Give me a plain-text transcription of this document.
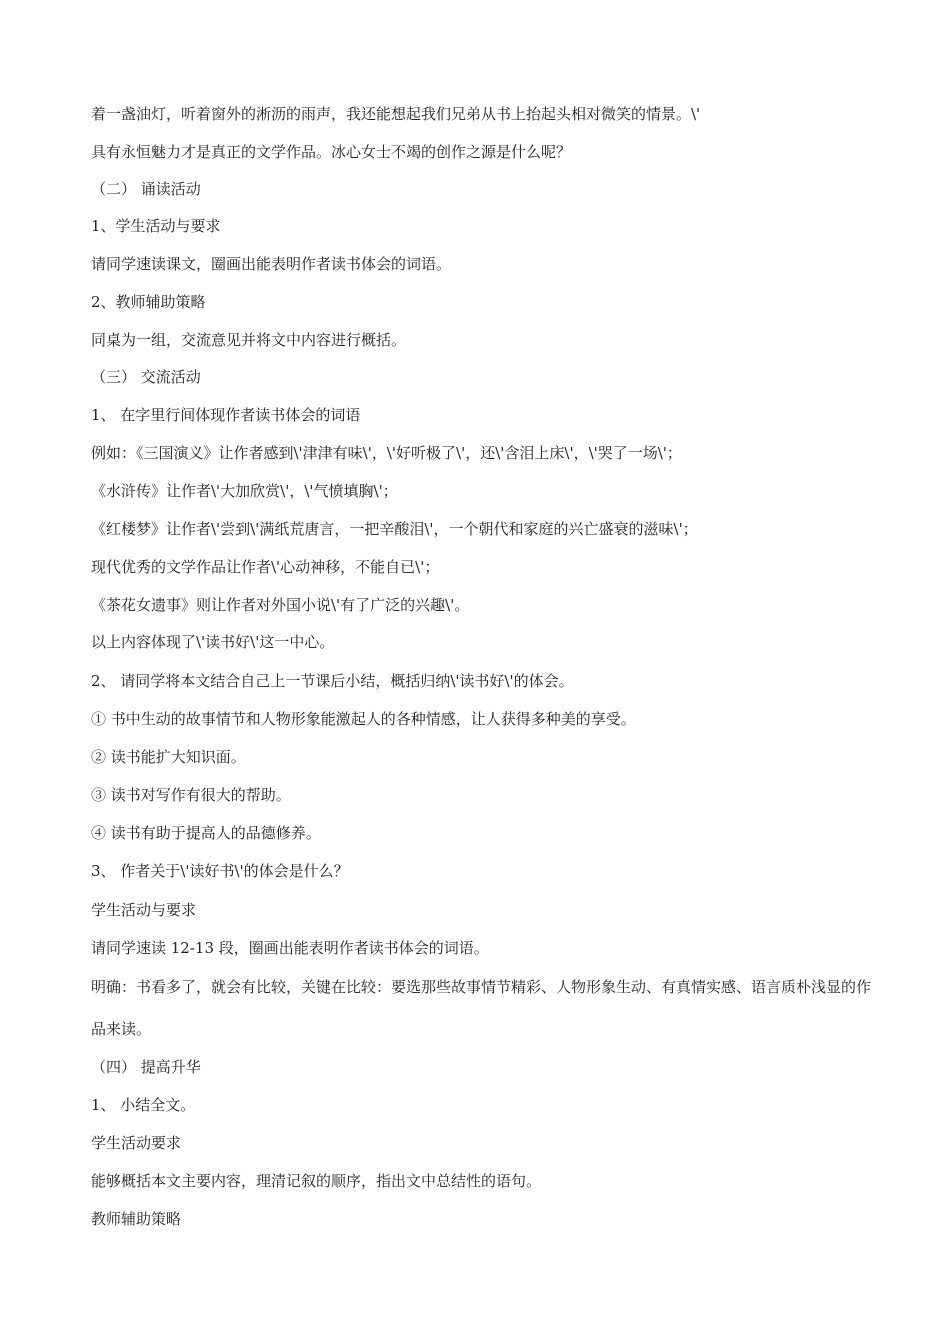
着一盏油灯，听着窗外的淅沥的雨声，我还能想起我们兄弟从书上抬起头相对微笑的情景。\'
具有永恒魅力才是真正的文学作品。冰心女士不竭的创作之源是什么呢？
（二） 诵读活动
1、学生活动与要求
请同学速读课文，圈画出能表明作者读书体会的词语。
2、教师辅助策略
同桌为一组，交流意见并将文中内容进行概括。
（三） 交流活动
1、 在字里行间体现作者读书体会的词语
例如：《三国演义》让作者感到\'津津有味\'，\'好听极了\'，还\'含泪上床\'，\'哭了一场\'；
《水浒传》让作者\'大加欣赏\'，\'气愤填胸\'；
《红楼梦》让作者\'尝到\'满纸荒唐言，一把辛酸泪\'，一个朝代和家庭的兴亡盛衰的滋味\'；
现代优秀的文学作品让作者\'心动神移，不能自已\'；
《茶花女遗事》则让作者对外国小说\'有了广泛的兴趣\'。
以上内容体现了\'读书好\'这一中心。
2、 请同学将本文结合自己上一节课后小结，概括归纳\'读书好\'的体会。
① 书中生动的故事情节和人物形象能激起人的各种情感，让人获得多种美的享受。
② 读书能扩大知识面。
③ 读书对写作有很大的帮助。
④ 读书有助于提高人的品德修养。
3、 作者关于\'读好书\'的体会是什么？
学生活动与要求
请同学速读 12-13 段，圈画出能表明作者读书体会的词语。
明确：书看多了，就会有比较，关键在比较：要选那些故事情节精彩、人物形象生动、有真情实感、语言质朴浅显的作品来读。
（四） 提高升华
1、 小结全文。
学生活动要求
能够概括本文主要内容，理清记叙的顺序，指出文中总结性的语句。
教师辅助策略
